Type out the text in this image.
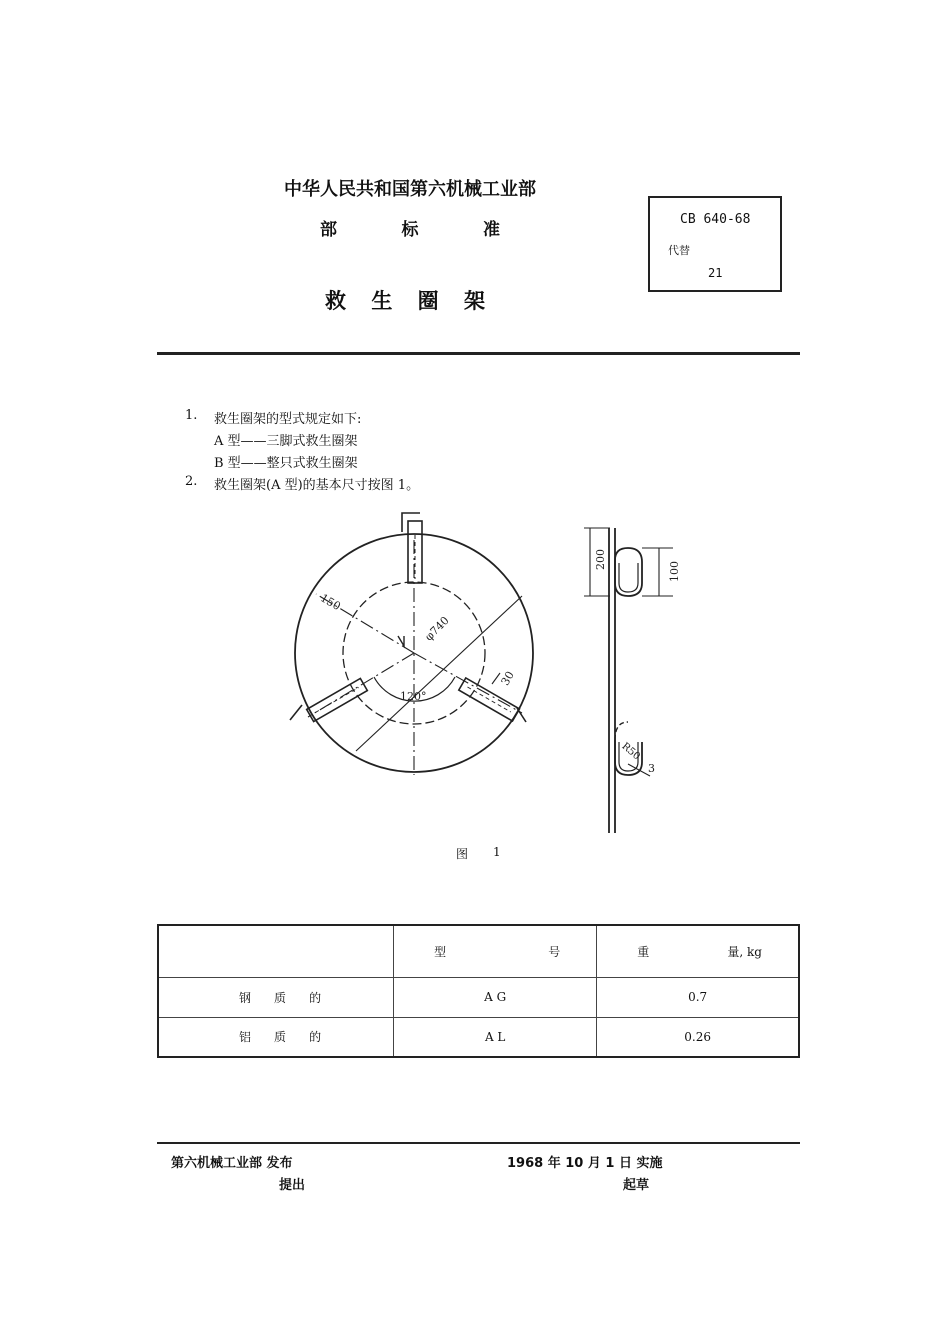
中华人民共和国第六机械工业部
部	标	准
救 生 圈 架
CB 640-68
代替
21
1. 救生圈架的型式规定如下:
A 型——三脚式救生圈架
B 型——整只式救生圈架
2. 救生圈架(A 型)的基本尺寸按图 1。
150
φ740
120°
30
200
100
R50
3
图 1

	型 号	重 量, kg

钢 质 的	A G	0.7

铝 质 的	A L	0.26
第六机械工业部 发布
提出
1968 年 10 月 1 日 实施
起草
